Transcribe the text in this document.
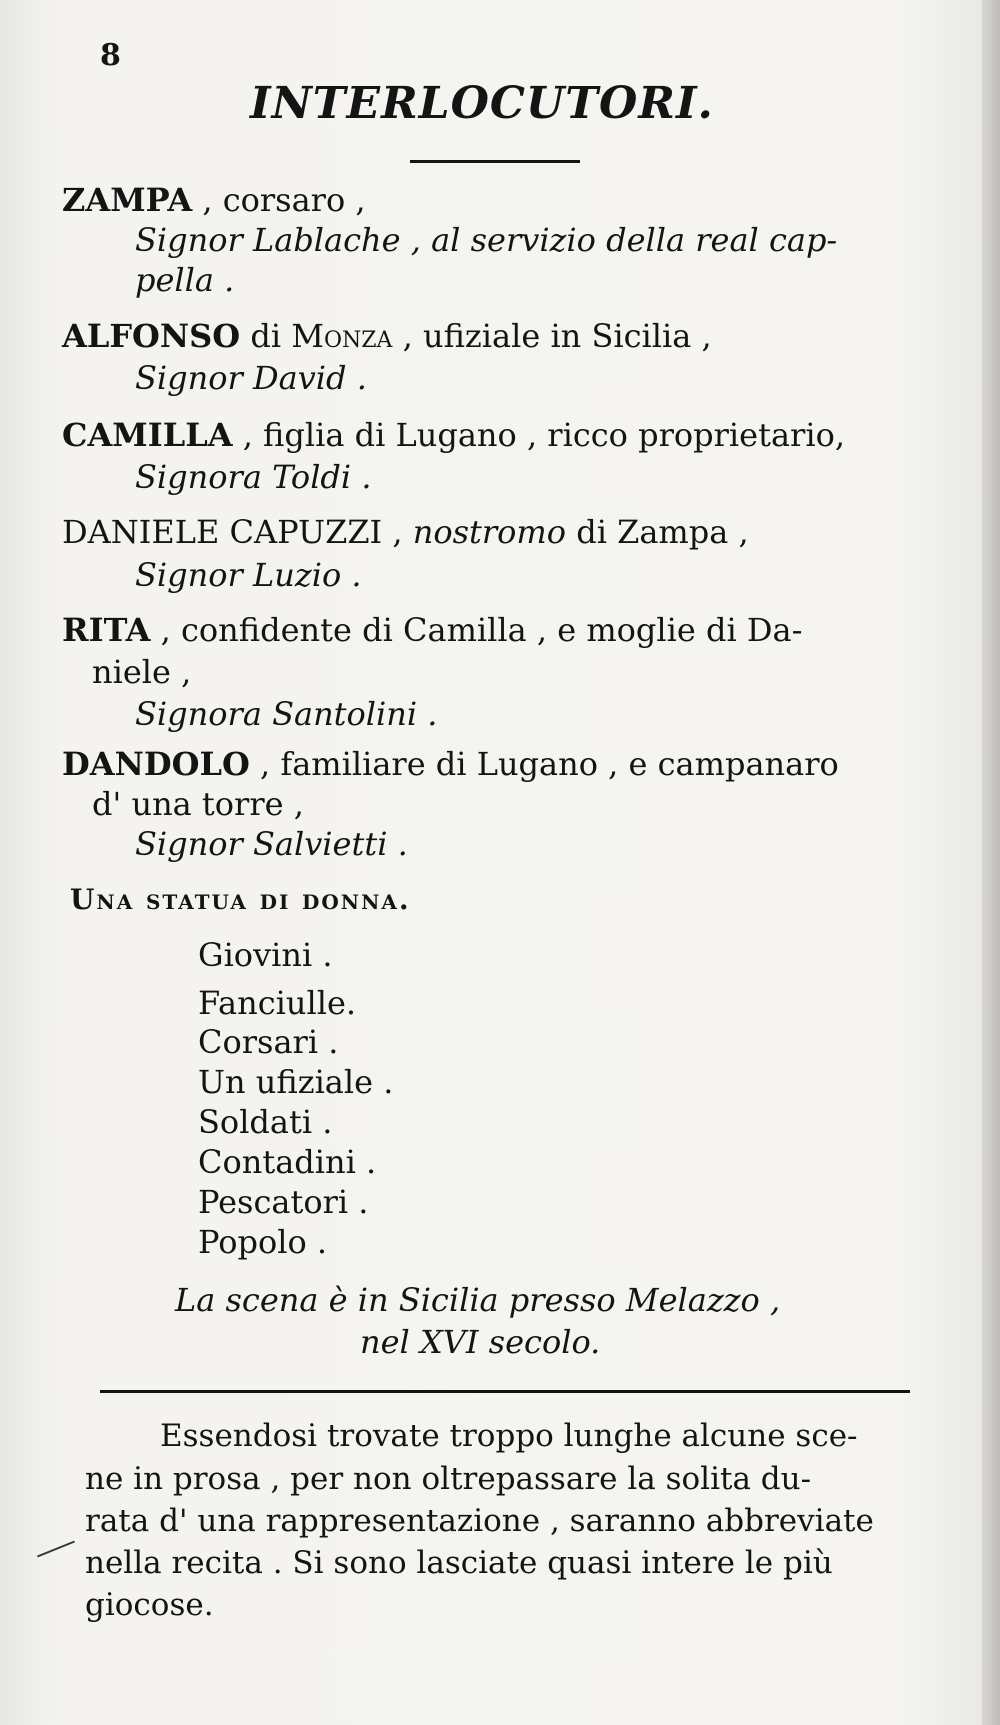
8
INTERLOCUTORI.
ZAMPA , corsaro ,
Signor Lablache , al servizio della real cap-
pella .
ALFONSO di Monza , ufiziale in Sicilia ,
Signor David .
CAMILLA , figlia di Lugano , ricco proprietario,
Signora Toldi .
DANIELE CAPUZZI , nostromo di Zampa ,
Signor Luzio .
RITA , confidente di Camilla , e moglie di Da-
niele ,
Signora Santolini .
DANDOLO , familiare di Lugano , e campanaro
d' una torre ,
Signor Salvietti .
Una statua di donna.
Giovini .
Fanciulle.
Corsari .
Un ufiziale .
Soldati .
Contadini .
Pescatori .
Popolo .
La scena è in Sicilia presso Melazzo ,
nel XVI secolo.
Essendosi trovate troppo lunghe alcune sce-
ne in prosa , per non oltrepassare la solita du-
rata d' una rappresentazione , saranno abbreviate
nella recita . Si sono lasciate quasi intere le più
giocose.
